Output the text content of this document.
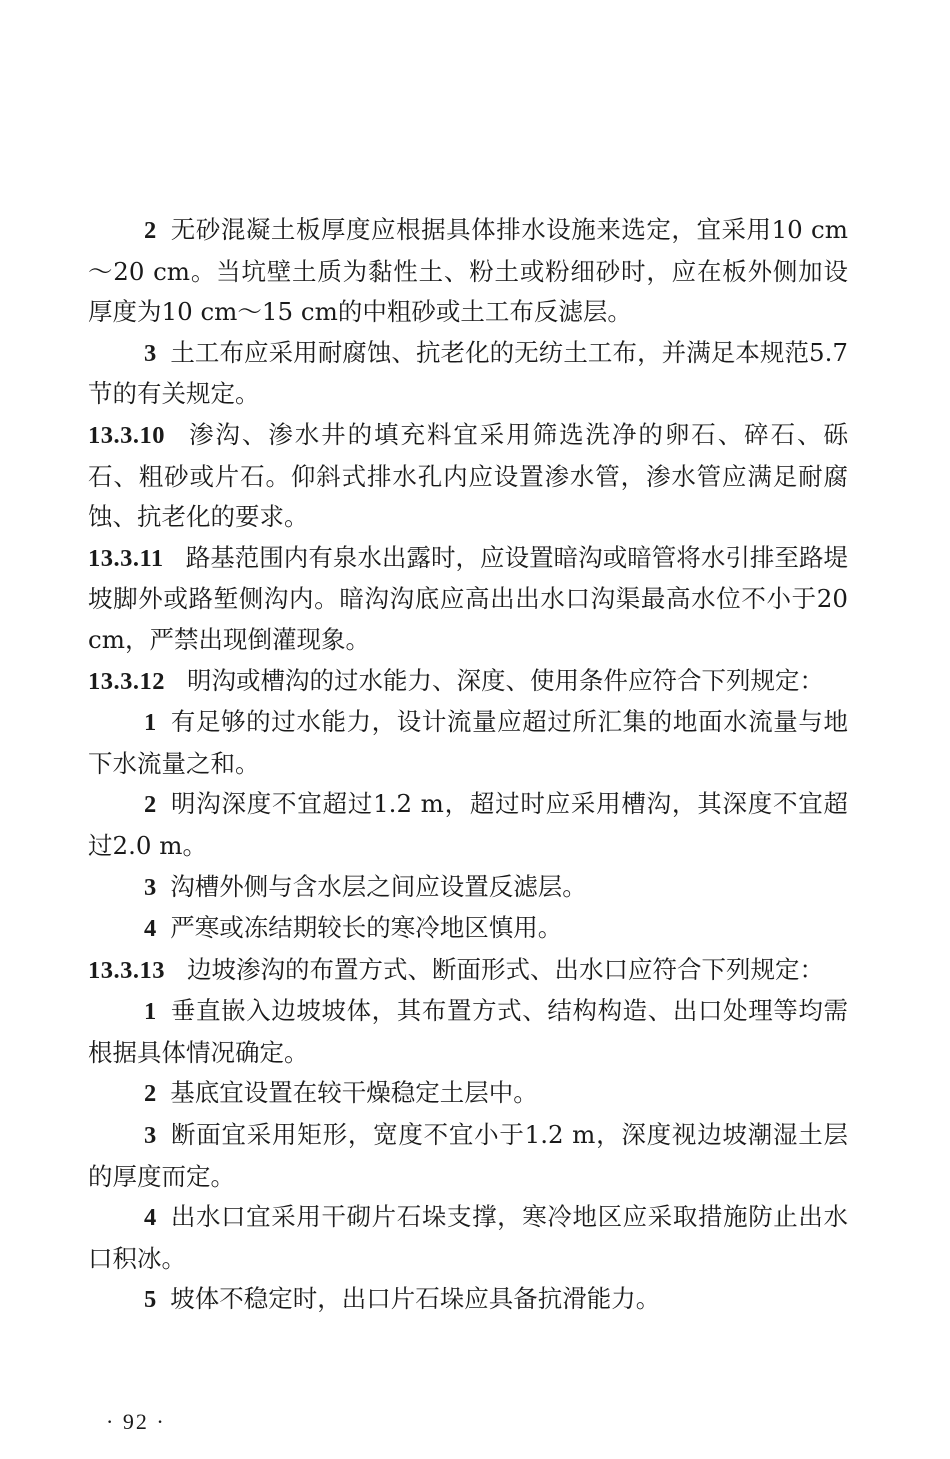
2 无砂混凝土板厚度应根据具体排水设施来选定，宜采用10 cm～20 cm。当坑壁土质为黏性土、粉土或粉细砂时，应在板外侧加设厚度为10 cm～15 cm的中粗砂或土工布反滤层。

3 土工布应采用耐腐蚀、抗老化的无纺土工布，并满足本规范5.7节的有关规定。

13.3.10 渗沟、渗水井的填充料宜采用筛选洗净的卵石、碎石、砾石、粗砂或片石。仰斜式排水孔内应设置渗水管，渗水管应满足耐腐蚀、抗老化的要求。

13.3.11 路基范围内有泉水出露时，应设置暗沟或暗管将水引排至路堤坡脚外或路堑侧沟内。暗沟沟底应高出出水口沟渠最高水位不小于20 cm，严禁出现倒灌现象。

13.3.12 明沟或槽沟的过水能力、深度、使用条件应符合下列规定：

1 有足够的过水能力，设计流量应超过所汇集的地面水流量与地下水流量之和。

2 明沟深度不宜超过1.2 m，超过时应采用槽沟，其深度不宜超过2.0 m。

3 沟槽外侧与含水层之间应设置反滤层。

4 严寒或冻结期较长的寒冷地区慎用。

13.3.13 边坡渗沟的布置方式、断面形式、出水口应符合下列规定：

1 垂直嵌入边坡坡体，其布置方式、结构构造、出口处理等均需根据具体情况确定。

2 基底宜设置在较干燥稳定土层中。

3 断面宜采用矩形，宽度不宜小于1.2 m，深度视边坡潮湿土层的厚度而定。

4 出水口宜采用干砌片石垛支撑，寒冷地区应采取措施防止出水口积冰。

5 坡体不稳定时，出口片石垛应具备抗滑能力。

· 92 ·
